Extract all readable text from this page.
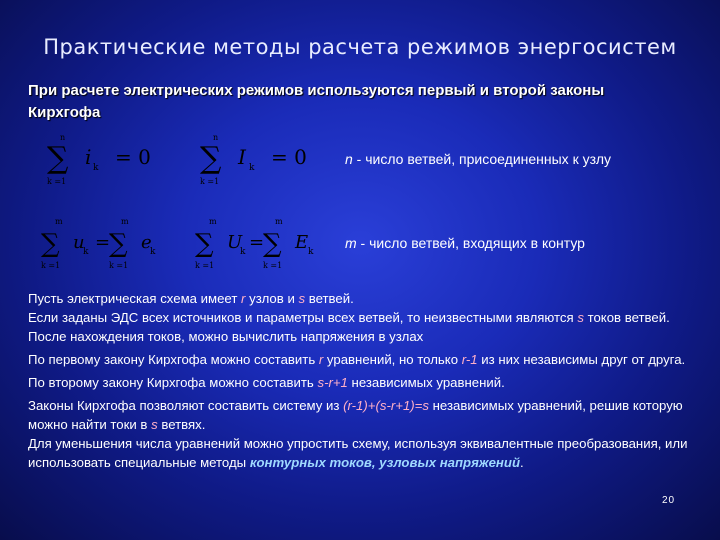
Практические методы расчета режимов энергосистем
При расчете электрических режимов используются первый и второй законы Кирхгофа
n
∑
k =1
i k = 0
n
∑
k =1
I k = 0
m
∑
k =1
u
k =
m
∑
k =1
e
k
m
∑
k =1
U
k =
m
∑
k =1
E k
n - число ветвей, присоединенных к узлу
m - число ветвей, входящих в контур

Пусть электрическая схема имеет r узлов и s ветвей.

Если заданы ЭДС всех источников и параметры всех ветвей, то неизвестными являются s токов ветвей. После нахождения токов, можно вычислить напряжения в узлах

По первому закону Кирхгофа можно составить r уравнений, но только r-1 из них независимы друг от друга.

По второму закону Кирхгофа можно составить s-r+1 независимых уравнений.

Законы Кирхгофа позволяют составить систему из (r-1)+(s-r+1)=s независимых уравнений, решив которую можно найти токи в s ветвях.

Для уменьшения числа уравнений можно упростить схему, используя эквивалентные преобразования, или использовать специальные методы контурных токов, узловых напряжений.

20
